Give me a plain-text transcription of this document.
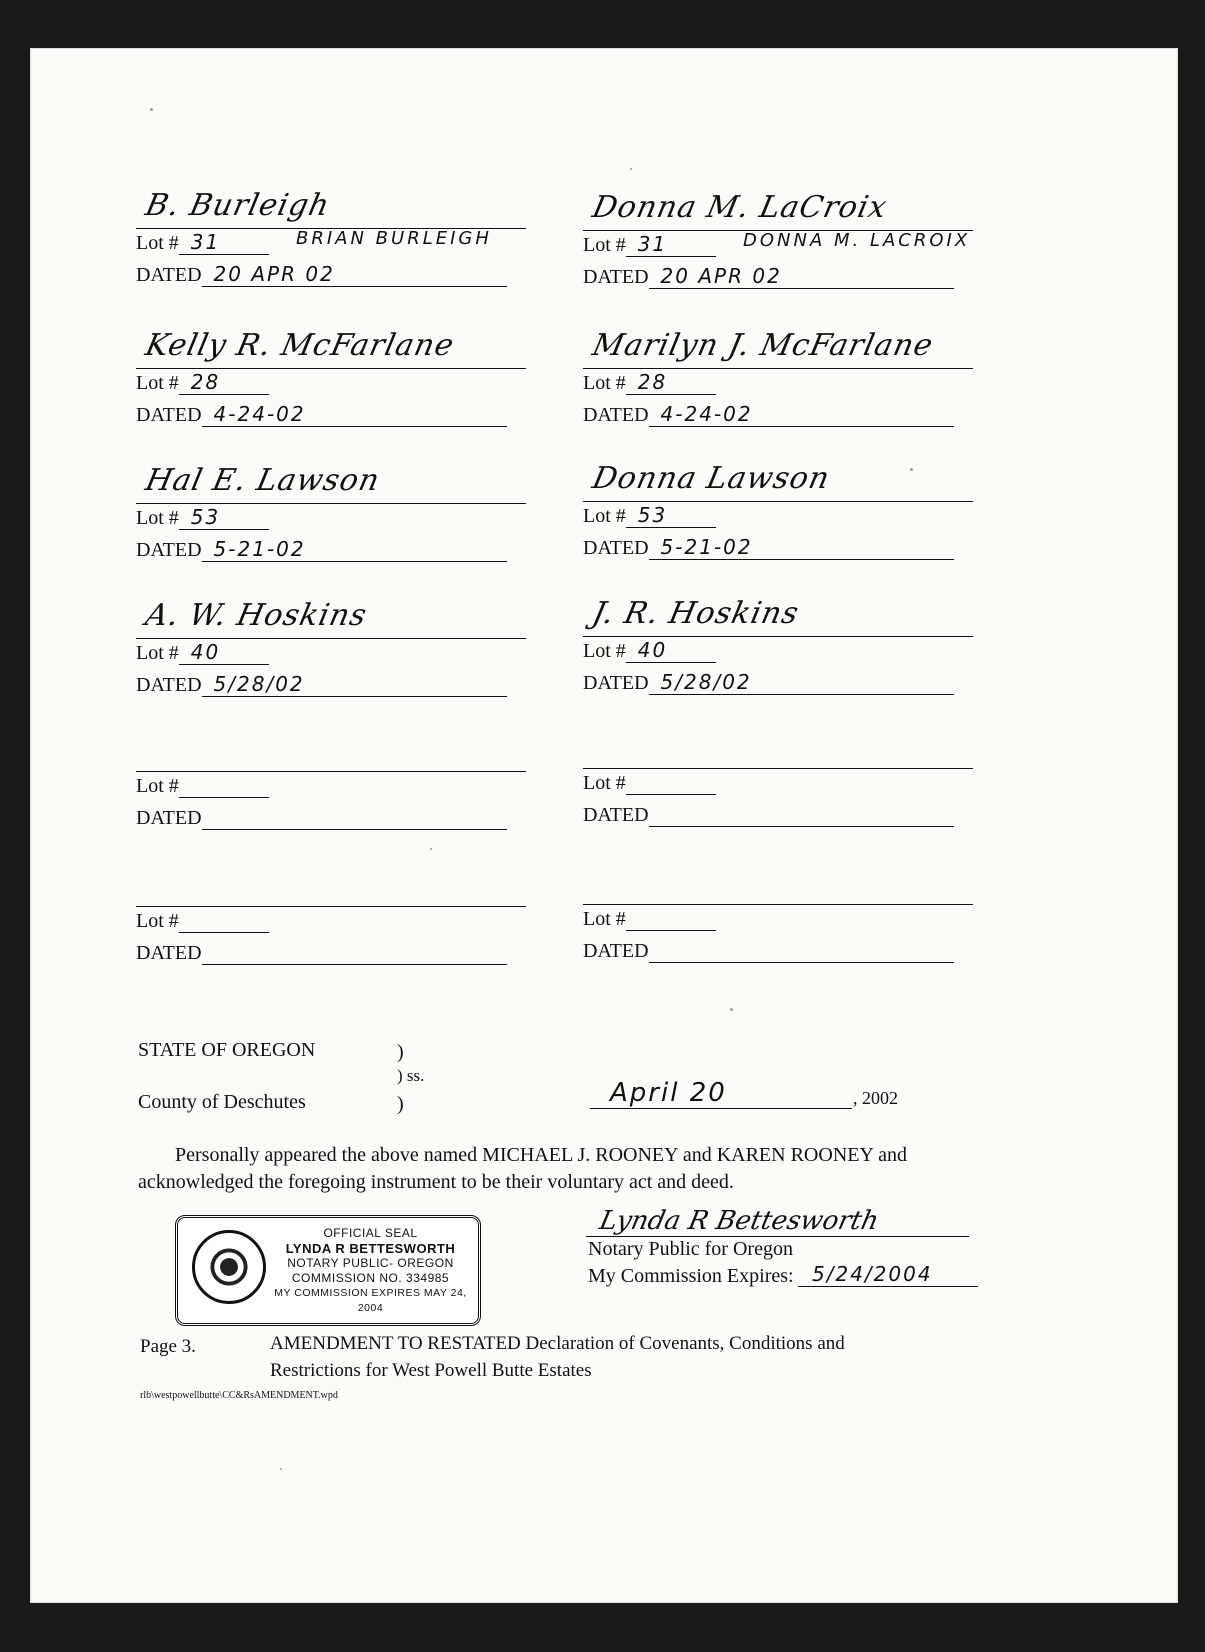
B. Burleigh
Lot # 31	BRIAN BURLEIGH
DATED 20 APR 02
Donna M. LaCroix
Lot # 31	DONNA M. LACROIX
DATED 20 APR 02
Kelly R. McFarlane
Lot # 28
DATED 4-24-02
Marilyn J. McFarlane
Lot # 28
DATED 4-24-02
Hal E. Lawson
Lot # 53
DATED 5-21-02
Donna Lawson
Lot # 53
DATED 5-21-02
A. W. Hoskins
Lot # 40
DATED 5/28/02
J. R. Hoskins
Lot # 40
DATED 5/28/02
Lot #
DATED
Lot #
DATED
Lot #
DATED
Lot #
DATED
STATE OF OREGON	)
) ss.
County of Deschutes	)	April 20	, 2002
Personally appeared the above named MICHAEL J. ROONEY and KAREN ROONEY and
acknowledged the foregoing instrument to be their voluntary act and deed.
OFFICIAL SEAL
LYNDA R BETTESWORTH
NOTARY PUBLIC- OREGON
COMMISSION NO. 334985
MY COMMISSION EXPIRES MAY 24, 2004
Lynda R Bettesworth
Notary Public for Oregon
My Commission Expires: 5/24/2004
Page 3.	AMENDMENT TO RESTATED Declaration of Covenants, Conditions and
Restrictions for West Powell Butte Estates
rlb\westpowellbutte\CC&RsAMENDMENT.wpd
